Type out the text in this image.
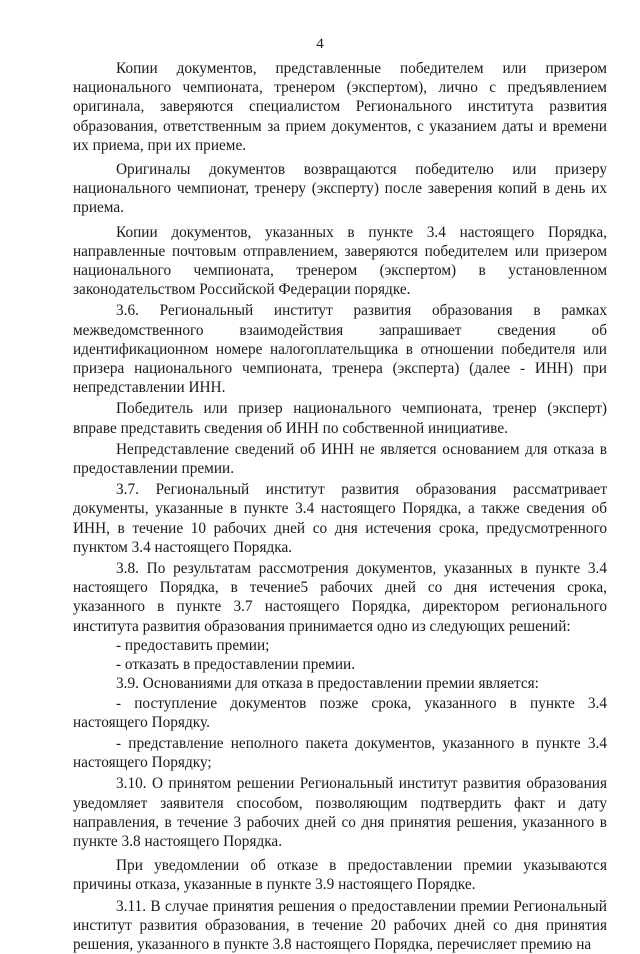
4

Копии документов, представленные победителем или призером национального чемпионата, тренером (экспертом), лично с предъявлением оригинала, заверяются специалистом Регионального института развития образования, ответственным за прием документов, с указанием даты и времени их приема, при их приеме.

Оригиналы документов возвращаются победителю или призеру национального чемпионат, тренеру (эксперту) после заверения копий в день их приема.

Копии документов, указанных в пункте 3.4 настоящего Порядка, направленные почтовым отправлением, заверяются победителем или призером национального чемпионата, тренером (экспертом) в установленном законодательством Российской Федерации порядке.

3.6. Региональный институт развития образования в рамках межведомственного взаимодействия запрашивает сведения об идентификационном номере налогоплательщика в отношении победителя или призера национального чемпионата, тренера (эксперта) (далее - ИНН) при непредставлении ИНН.

Победитель или призер национального чемпионата, тренер (эксперт) вправе представить сведения об ИНН по собственной инициативе.

Непредставление сведений об ИНН не является основанием для отказа в предоставлении премии.

3.7. Региональный институт развития образования рассматривает документы, указанные в пункте 3.4 настоящего Порядка, а также сведения об ИНН, в течение 10 рабочих дней со дня истечения срока, предусмотренного пунктом 3.4 настоящего Порядка.

3.8. По результатам рассмотрения документов, указанных в пункте 3.4 настоящего Порядка, в течение5 рабочих дней со дня истечения срока, указанного в пункте 3.7 настоящего Порядка, директором регионального института развития образования принимается одно из следующих решений:

- предоставить премии;

- отказать в предоставлении премии.

3.9. Основаниями для отказа в предоставлении премии является:

- поступление документов позже срока, указанного в пункте 3.4 настоящего Порядку.

- представление неполного пакета документов, указанного в пункте 3.4 настоящего Порядку;

3.10. О принятом решении Региональный институт развития образования уведомляет заявителя способом, позволяющим подтвердить факт и дату направления, в течение 3 рабочих дней со дня принятия решения, указанного в пункте 3.8 настоящего Порядка.

При уведомлении об отказе в предоставлении премии указываются причины отказа, указанные в пункте 3.9 настоящего Порядке.

3.11. В случае принятия решения о предоставлении премии Региональный институт развития образования, в течение 20 рабочих дней со дня принятия решения, указанного в пункте 3.8 настоящего Порядка, перечисляет премию на
